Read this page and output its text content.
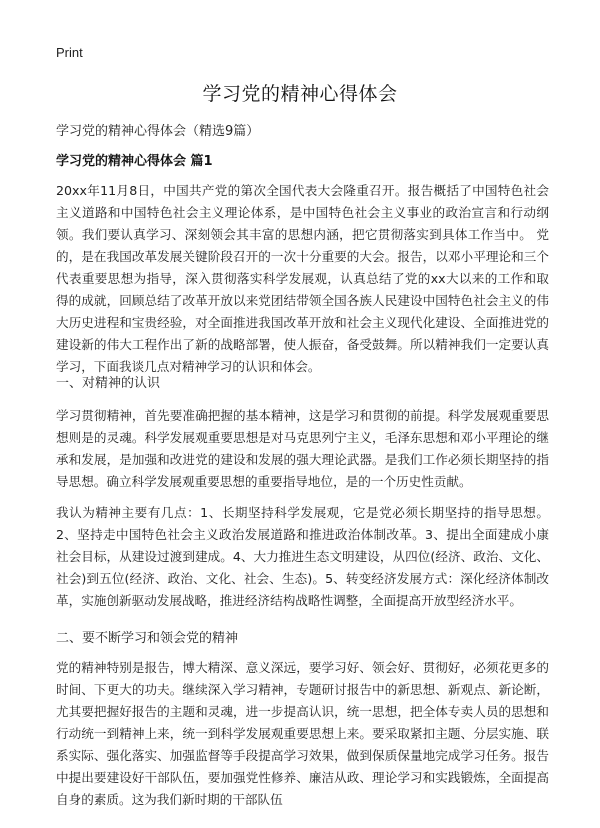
Print
学习党的精神心得体会
学习党的精神心得体会（精选9篇）
学习党的精神心得体会 篇1

20xx年11月8日，中国共产党的第次全国代表大会隆重召开。报告概括了中国特色社会主义道路和中国特色社会主义理论体系，是中国特色社会主义事业的政治宣言和行动纲领。我们要认真学习、深刻领会其丰富的思想内涵，把它贯彻落实到具体工作当中。 党的，是在我国改革发展关键阶段召开的一次十分重要的大会。报告，以邓小平理论和三个代表重要思想为指导，深入贯彻落实科学发展观，认真总结了党的xx大以来的工作和取得的成就，回顾总结了改革开放以来党团结带领全国各族人民建设中国特色社会主义的伟大历史进程和宝贵经验，对全面推进我国改革开放和社会主义现代化建设、全面推进党的建设新的伟大工程作出了新的战略部署，使人振奋，备受鼓舞。所以精神我们一定要认真学习，下面我谈几点对精神学习的认识和体会。

一、对精神的认识

学习贯彻精神，首先要准确把握的基本精神，这是学习和贯彻的前提。科学发展观重要思想则是的灵魂。科学发展观重要思想是对马克思列宁主义，毛泽东思想和邓小平理论的继承和发展，是加强和改进党的建设和发展的强大理论武器。是我们工作必须长期坚持的指导思想。确立科学发展观重要思想的重要指导地位，是的一个历史性贡献。

我认为精神主要有几点：1、长期坚持科学发展观，它是党必须长期坚持的指导思想。2、坚持走中国特色社会主义政治发展道路和推进政治体制改革。3、提出全面建成小康社会目标，从建设过渡到建成。4、大力推进生态文明建设，从四位(经济、政治、文化、社会)到五位(经济、政治、文化、社会、生态)。5、转变经济发展方式：深化经济体制改革，实施创新驱动发展战略，推进经济结构战略性调整，全面提高开放型经济水平。

二、要不断学习和领会党的精神

党的精神特别是报告，博大精深、意义深远，要学习好、领会好、贯彻好，必须花更多的时间、下更大的功夫。继续深入学习精神，专题研讨报告中的新思想、新观点、新论断，尤其要把握好报告的主题和灵魂，进一步提高认识，统一思想，把全体专卖人员的思想和行动统一到精神上来，统一到科学发展观重要思想上来。要采取紧扣主题、分层实施、联系实际、强化落实、加强监督等手段提高学习效果，做到保质保量地完成学习任务。报告中提出要建设好干部队伍，要加强党性修养、廉洁从政、理论学习和实践锻炼，全面提高自身的素质。这为我们新时期的干部队伍
